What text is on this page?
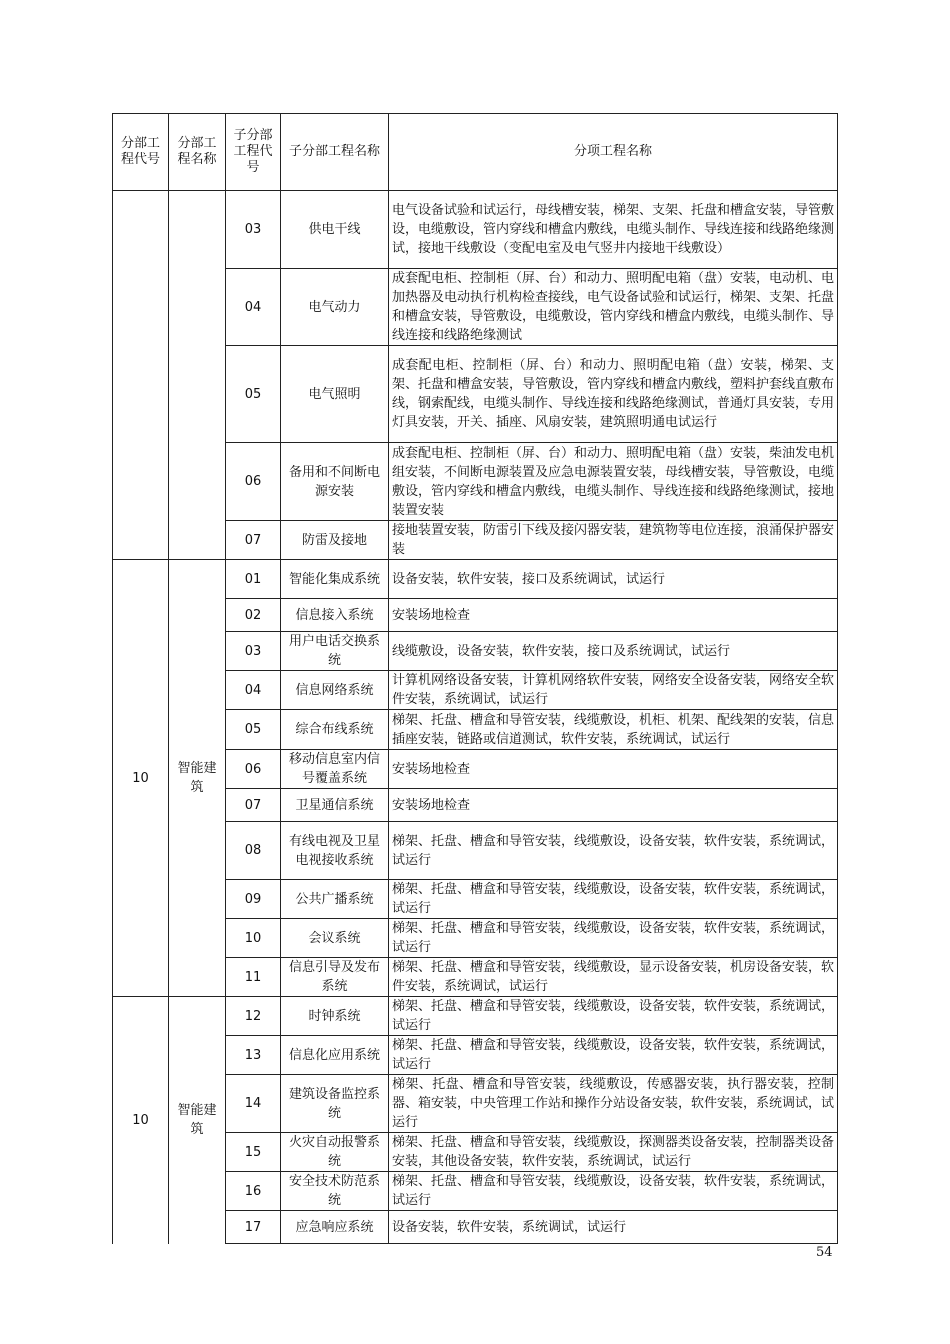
分部工程代号	分部工程名称	子分部工程代号	子分部工程名称	分项工程名称
		03	供电干线	电气设备试验和试运行，母线槽安装，梯架、支架、托盘和槽盒安装，导管敷设，电缆敷设，管内穿线和槽盒内敷线，电缆头制作、导线连接和线路绝缘测试，接地干线敷设（变配电室及电气竖井内接地干线敷设）
		04	电气动力	成套配电柜、控制柜（屏、台）和动力、照明配电箱（盘）安装，电动机、电加热器及电动执行机构检查接线，电气设备试验和试运行，梯架、支架、托盘和槽盒安装，导管敷设，电缆敷设，管内穿线和槽盒内敷线，电缆头制作、导线连接和线路绝缘测试
		05	电气照明	成套配电柜、控制柜（屏、台）和动力、照明配电箱（盘）安装，梯架、支架、托盘和槽盒安装，导管敷设，管内穿线和槽盒内敷线，塑料护套线直敷布线，钢索配线，电缆头制作、导线连接和线路绝缘测试，普通灯具安装，专用灯具安装，开关、插座、风扇安装，建筑照明通电试运行
		06	备用和不间断电源安装	成套配电柜、控制柜（屏、台）和动力、照明配电箱（盘）安装，柴油发电机组安装，不间断电源装置及应急电源装置安装，母线槽安装，导管敷设，电缆敷设，管内穿线和槽盒内敷线，电缆头制作、导线连接和线路绝缘测试，接地装置安装
		07	防雷及接地	接地装置安装，防雷引下线及接闪器安装，建筑物等电位连接，浪涌保护器安装
10	智能建筑	01	智能化集成系统	设备安装，软件安装，接口及系统调试，试运行
		02	信息接入系统	安装场地检查
		03	用户电话交换系统	线缆敷设，设备安装，软件安装，接口及系统调试，试运行
		04	信息网络系统	计算机网络设备安装，计算机网络软件安装，网络安全设备安装，网络安全软件安装，系统调试，试运行
		05	综合布线系统	梯架、托盘、槽盒和导管安装，线缆敷设，机柜、机架、配线架的安装，信息插座安装，链路或信道测试，软件安装，系统调试，试运行
		06	移动信息室内信号覆盖系统	安装场地检查
		07	卫星通信系统	安装场地检查
		08	有线电视及卫星电视接收系统	梯架、托盘、槽盒和导管安装，线缆敷设，设备安装，软件安装，系统调试，试运行
		09	公共广播系统	梯架、托盘、槽盒和导管安装，线缆敷设，设备安装，软件安装，系统调试，试运行
		10	会议系统	梯架、托盘、槽盒和导管安装，线缆敷设，设备安装，软件安装，系统调试，试运行
		11	信息引导及发布系统	梯架、托盘、槽盒和导管安装，线缆敷设，显示设备安装，机房设备安装，软件安装，系统调试，试运行
10	智能建筑	12	时钟系统	梯架、托盘、槽盒和导管安装，线缆敷设，设备安装，软件安装，系统调试，试运行
		13	信息化应用系统	梯架、托盘、槽盒和导管安装，线缆敷设，设备安装，软件安装，系统调试，试运行
		14	建筑设备监控系统	梯架、托盘、槽盒和导管安装，线缆敷设，传感器安装，执行器安装，控制器、箱安装，中央管理工作站和操作分站设备安装，软件安装，系统调试，试运行
		15	火灾自动报警系统	梯架、托盘、槽盒和导管安装，线缆敷设，探测器类设备安装，控制器类设备安装，其他设备安装，软件安装，系统调试，试运行
		16	安全技术防范系统	梯架、托盘、槽盒和导管安装，线缆敷设，设备安装，软件安装，系统调试，试运行
		17	应急响应系统	设备安装，软件安装，系统调试，试运行
54
